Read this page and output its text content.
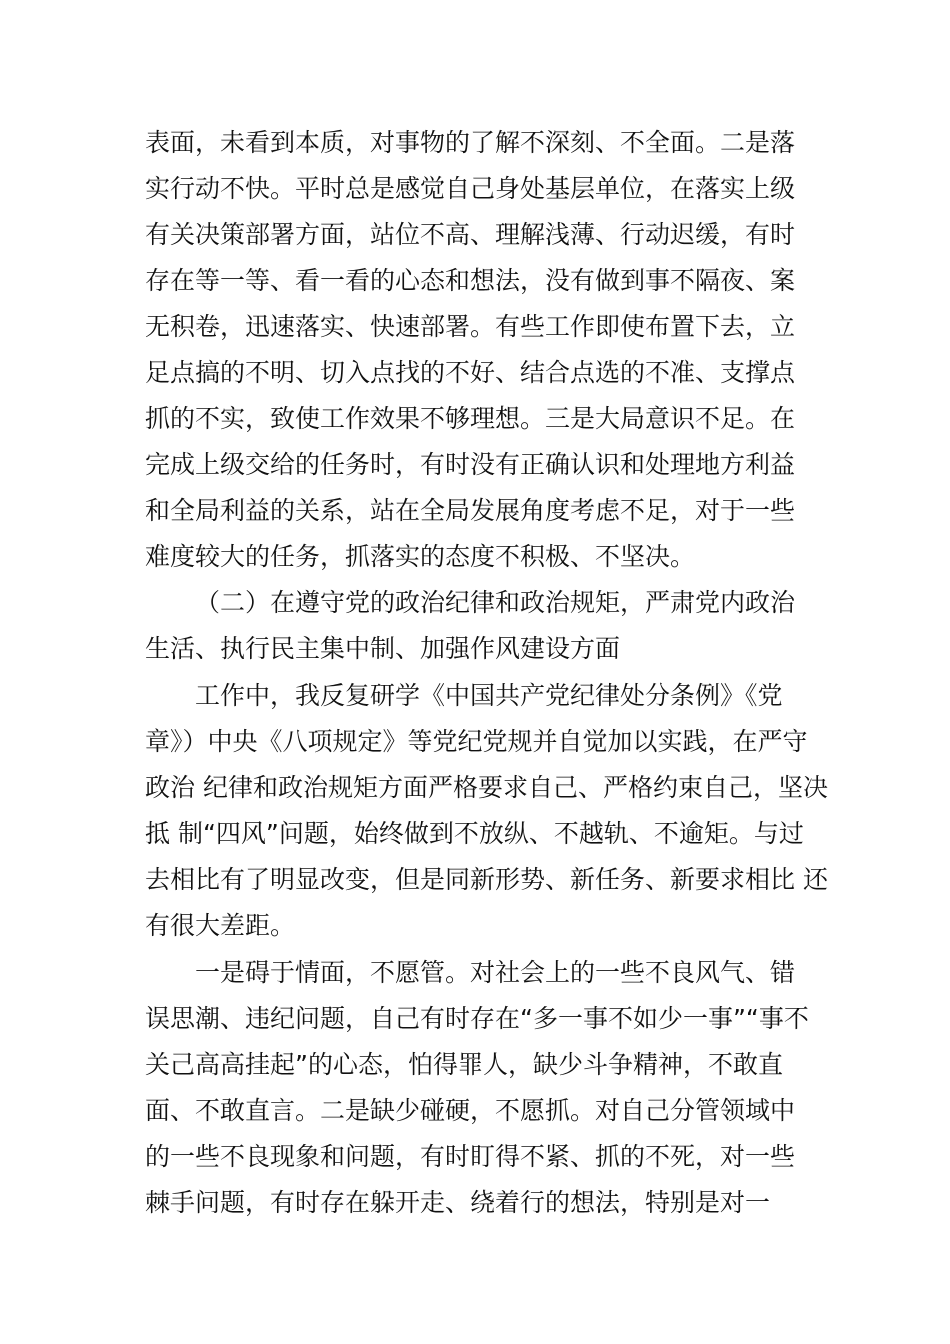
表面，未看到本质，对事物的了解不深刻、不全面。二是落
实行动不快。平时总是感觉自己身处基层单位，在落实上级
有关决策部署方面，站位不高、理解浅薄、行动迟缓，有时
存在等一等、看一看的心态和想法，没有做到事不隔夜、案
无积卷，迅速落实、快速部署。有些工作即使布置下去，立
足点搞的不明、切入点找的不好、结合点选的不准、支撑点
抓的不实，致使工作效果不够理想。三是大局意识不足。在
完成上级交给的任务时，有时没有正确认识和处理地方利益
和全局利益的关系，站在全局发展角度考虑不足，对于一些
难度较大的任务，抓落实的态度不积极、不坚决。
（二）在遵守党的政治纪律和政治规矩，严肃党内政治
生活、执行民主集中制、加强作风建设方面
工作中，我反复研学《中国共产党纪律处分条例》《党
章》）中央《八项规定》等党纪党规并自觉加以实践，在严守
政治 纪律和政治规矩方面严格要求自己、严格约束自己，坚决
抵 制“四风”问题，始终做到不放纵、不越轨、不逾矩。与过
去相比有了明显改变，但是同新形势、新任务、新要求相比 还
有很大差距。
一是碍于情面，不愿管。对社会上的一些不良风气、错
误思潮、违纪问题，自己有时存在“多一事不如少一事”“事不
关己高高挂起”的心态，怕得罪人，缺少斗争精神，不敢直
面、不敢直言。二是缺少碰硬，不愿抓。对自己分管领域中
的一些不良现象和问题，有时盯得不紧、抓的不死，对一些
棘手问题，有时存在躲开走、绕着行的想法，特别是对一
